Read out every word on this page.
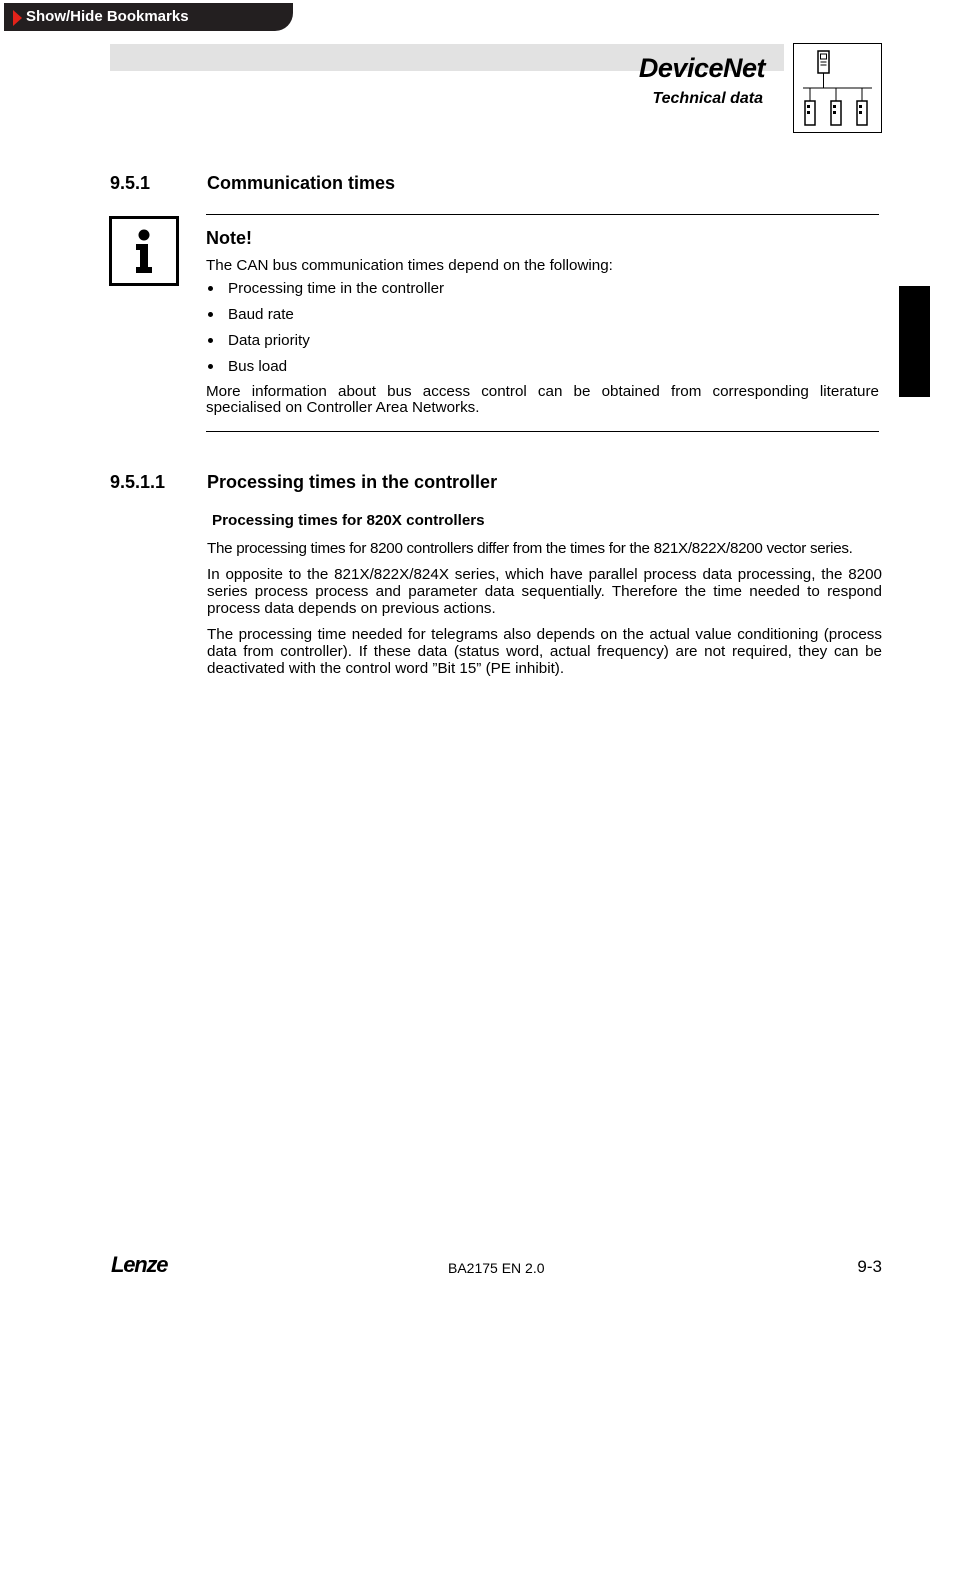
Show/Hide Bookmarks
DeviceNet
Technical data
9.5.1	Communication times
Note!
The CAN bus communication times depend on the following:
Processing time in the controller
Baud rate
Data priority
Bus load
More information about bus access control can be obtained from corresponding literature specialised on Controller Area Networks.
9.5.1.1 Processing times in the controller
Processing times for 820X controllers
The processing times for 8200 controllers differ from the times for the 821X/822X/8200 vector series.
In opposite to the 821X/822X/824X series, which have parallel process data processing, the 8200 series process process and parameter data sequentially. Therefore the time needed to respond process data depends on previous actions.
The processing time needed for telegrams also depends on the actual value conditioning (process data from controller). If these data (status word, actual frequency) are not required, they can be deactivated with the control word ”Bit 15” (PE inhibit).
Lenze	BA2175 EN 2.0	9-3
